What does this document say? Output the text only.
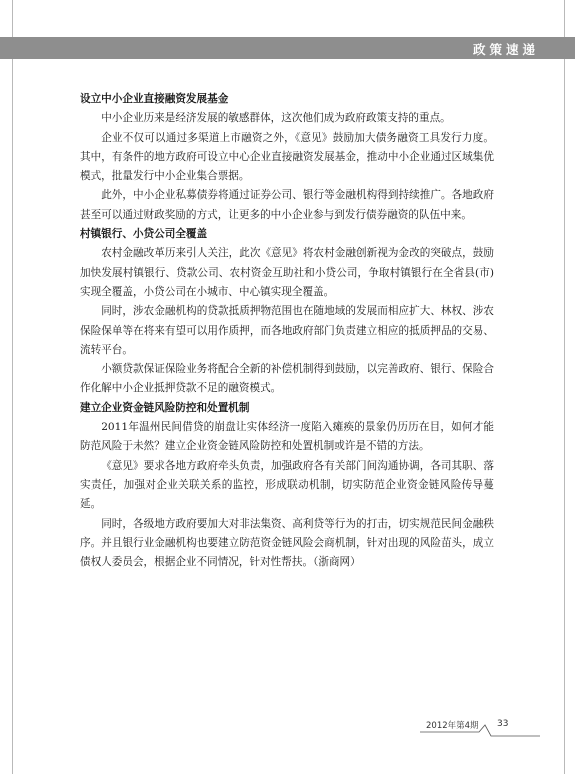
政策速递
设立中小企业直接融资发展基金

中小企业历来是经济发展的敏感群体，这次他们成为政府政策支持的重点。

企业不仅可以通过多渠道上市融资之外，《意见》鼓励加大债务融资工具发行力度。其中，有条件的地方政府可设立中心企业直接融资发展基金，推动中小企业通过区域集优模式，批量发行中小企业集合票据。

此外，中小企业私募债券将通过证券公司、银行等金融机构得到持续推广。各地政府甚至可以通过财政奖励的方式，让更多的中小企业参与到发行债券融资的队伍中来。

村镇银行、小贷公司全覆盖

农村金融改革历来引人关注，此次《意见》将农村金融创新视为金改的突破点，鼓励加快发展村镇银行、贷款公司、农村资金互助社和小贷公司，争取村镇银行在全省县(市)实现全覆盖，小贷公司在小城市、中心镇实现全覆盖。

同时，涉农金融机构的贷款抵质押物范围也在随地域的发展而相应扩大、林权、涉农保险保单等在将来有望可以用作质押，而各地政府部门负责建立相应的抵质押品的交易、流转平台。

小额贷款保证保险业务将配合全新的补偿机制得到鼓励，以完善政府、银行、保险合作化解中小企业抵押贷款不足的融资模式。

建立企业资金链风险防控和处置机制

2011年温州民间借贷的崩盘让实体经济一度陷入瘫痪的景象仍历历在目，如何才能防范风险于未然？建立企业资金链风险防控和处置机制或许是不错的方法。

《意见》要求各地方政府牵头负责，加强政府各有关部门间沟通协调，各司其职、落实责任，加强对企业关联关系的监控，形成联动机制，切实防范企业资金链风险传导蔓延。

同时，各级地方政府要加大对非法集资、高利贷等行为的打击，切实规范民间金融秩序。并且银行业金融机构也要建立防范资金链风险会商机制，针对出现的风险苗头，成立债权人委员会，根据企业不同情况，针对性帮扶。（浙商网）

2012年第4期 33
